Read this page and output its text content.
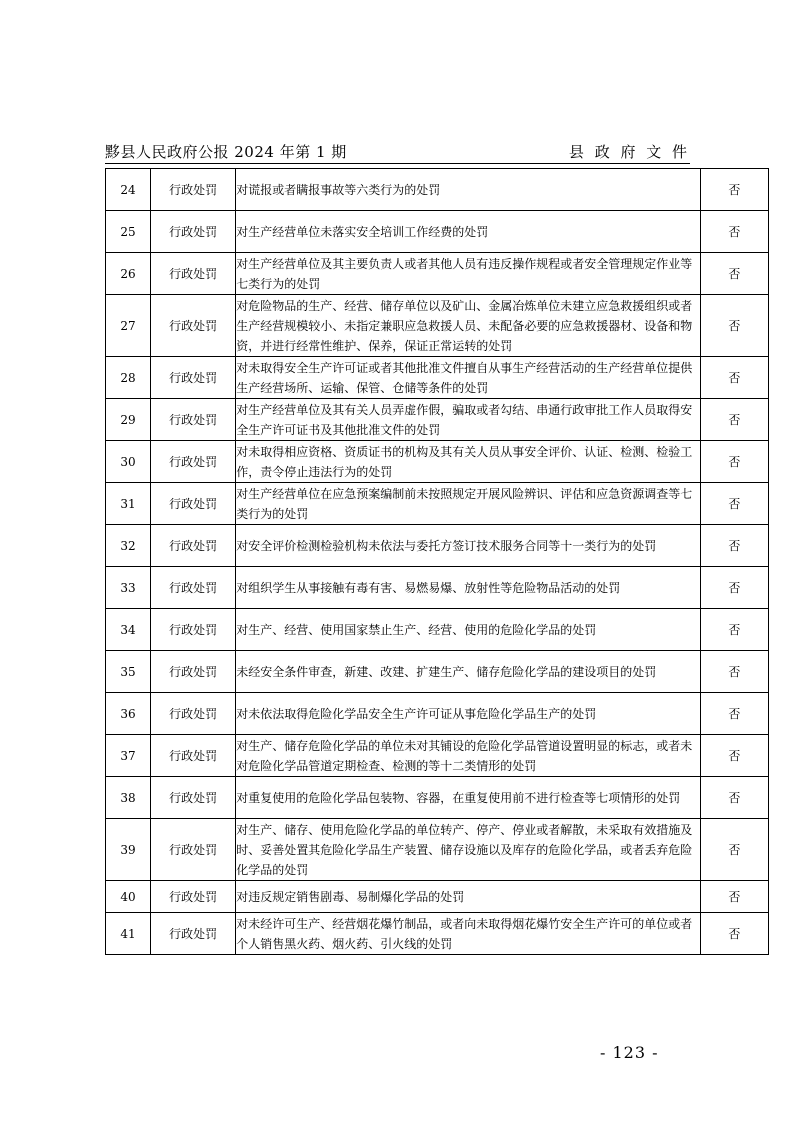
黟县人民政府公报 2024 年第 1 期	县 政 府 文 件
24	行政处罚	对谎报或者瞒报事故等六类行为的处罚	否
25	行政处罚	对生产经营单位未落实安全培训工作经费的处罚	否
26	行政处罚	对生产经营单位及其主要负责人或者其他人员有违反操作规程或者安全管理规定作业等七类行为的处罚	否
27	行政处罚	对危险物品的生产、经营、储存单位以及矿山、金属冶炼单位未建立应急救援组织或者生产经营规模较小、未指定兼职应急救援人员、未配备必要的应急救援器材、设备和物资，并进行经常性维护、保养，保证正常运转的处罚	否
28	行政处罚	对未取得安全生产许可证或者其他批准文件擅自从事生产经营活动的生产经营单位提供生产经营场所、运输、保管、仓储等条件的处罚	否
29	行政处罚	对生产经营单位及其有关人员弄虚作假，骗取或者勾结、串通行政审批工作人员取得安全生产许可证书及其他批准文件的处罚	否
30	行政处罚	对未取得相应资格、资质证书的机构及其有关人员从事安全评价、认证、检测、检验工作，责令停止违法行为的处罚	否
31	行政处罚	对生产经营单位在应急预案编制前未按照规定开展风险辨识、评估和应急资源调查等七类行为的处罚	否
32	行政处罚	对安全评价检测检验机构未依法与委托方签订技术服务合同等十一类行为的处罚	否
33	行政处罚	对组织学生从事接触有毒有害、易燃易爆、放射性等危险物品活动的处罚	否
34	行政处罚	对生产、经营、使用国家禁止生产、经营、使用的危险化学品的处罚	否
35	行政处罚	未经安全条件审查，新建、改建、扩建生产、储存危险化学品的建设项目的处罚	否
36	行政处罚	对未依法取得危险化学品安全生产许可证从事危险化学品生产的处罚	否
37	行政处罚	对生产、储存危险化学品的单位未对其铺设的危险化学品管道设置明显的标志，或者未对危险化学品管道定期检查、检测的等十二类情形的处罚	否
38	行政处罚	对重复使用的危险化学品包装物、容器，在重复使用前不进行检查等七项情形的处罚	否
39	行政处罚	对生产、储存、使用危险化学品的单位转产、停产、停业或者解散，未采取有效措施及时、妥善处置其危险化学品生产装置、储存设施以及库存的危险化学品，或者丢弃危险化学品的处罚	否
40	行政处罚	对违反规定销售剧毒、易制爆化学品的处罚	否
41	行政处罚	对未经许可生产、经营烟花爆竹制品，或者向未取得烟花爆竹安全生产许可的单位或者个人销售黑火药、烟火药、引火线的处罚	否
- 123 -
